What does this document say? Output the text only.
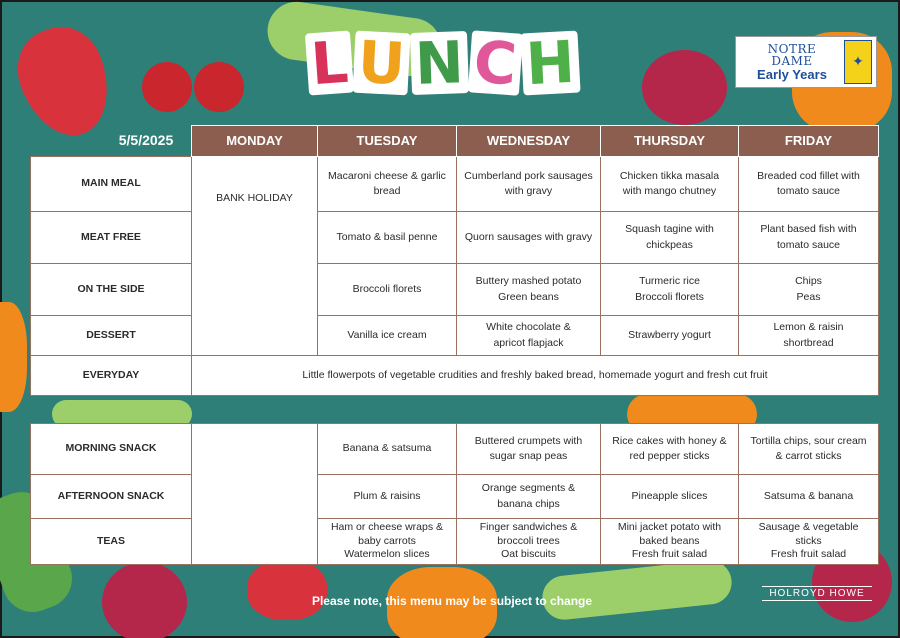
L U N C H	NOTRE
DAME
Early Years
✦
5/5/2025
		MONDAY	TUESDAY	WEDNESDAY	THURSDAY	FRIDAY
MAIN MEAL	BANK HOLIDAY	Macaroni cheese & garlic
bread	Cumberland pork sausages
with gravy	Chicken tikka masala
with mango chutney	Breaded cod fillet with
tomato sauce

MEAT FREE		Tomato & basil penne	Quorn sausages with gravy	Squash tagine with
chickpeas	Plant based fish with
tomato sauce

ON THE SIDE		Broccoli florets	Buttery mashed potato
Green beans	Turmeric rice
Broccoli florets	Chips
Peas

DESSERT		Vanilla ice cream	White chocolate &
apricot flapjack	Strawberry yogurt	Lemon & raisin
shortbread

EVERYDAY	Little flowerpots of vegetable crudities and freshly baked bread, homemade yogurt and fresh cut fruit				

MORNING SNACK		Banana & satsuma	Buttered crumpets with
sugar snap peas	Rice cakes with honey &
red pepper sticks	Tortilla chips, sour cream
& carrot sticks

AFTERNOON SNACK		Plum & raisins	Orange segments &
banana chips	Pineapple slices	Satsuma & banana

TEAS		Ham or cheese wraps &
baby carrots
Watermelon slices	Finger sandwiches &
broccoli trees
Oat biscuits	Mini jacket potato with
baked beans
Fresh fruit salad	Sausage & vegetable
sticks
Fresh fruit salad
Please note, this menu may be subject to change
HOLROYD HOWE
